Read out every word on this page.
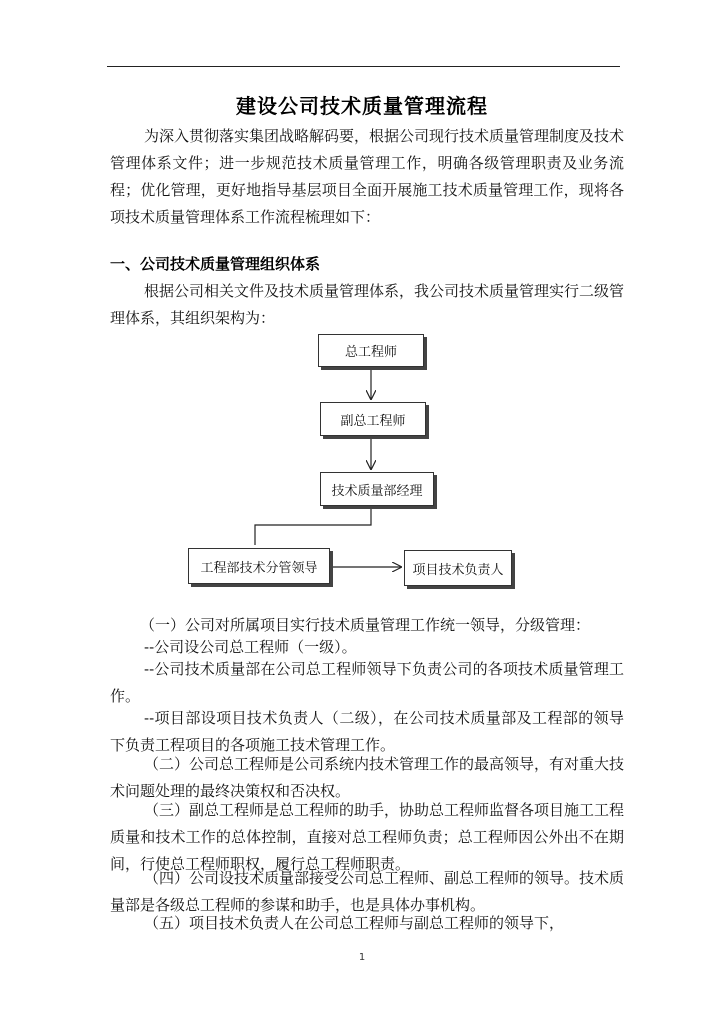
建设公司技术质量管理流程

为深入贯彻落实集团战略解码要，根据公司现行技术质量管理制度及技术管理体系文件；进一步规范技术质量管理工作，明确各级管理职责及业务流程；优化管理，更好地指导基层项目全面开展施工技术质量管理工作，现将各项技术质量管理体系工作流程梳理如下：

一、公司技术质量管理组织体系

根据公司相关文件及技术质量管理体系，我公司技术质量管理实行二级管理体系，其组织架构为：

总工程师
副总工程师
技术质量部经理
工程部技术分管领导	项目技术负责人

（一）公司对所属项目实行技术质量管理工作统一领导，分级管理：

--公司设公司总工程师（一级）。

--公司技术质量部在公司总工程师领导下负责公司的各项技术质量管理工作。

--项目部设项目技术负责人（二级），在公司技术质量部及工程部的领导下负责工程项目的各项施工技术管理工作。

（二）公司总工程师是公司系统内技术管理工作的最高领导，有对重大技术问题处理的最终决策权和否决权。

（三）副总工程师是总工程师的助手，协助总工程师监督各项目施工工程质量和技术工作的总体控制，直接对总工程师负责；总工程师因公外出不在期间，行使总工程师职权，履行总工程师职责。

（四）公司设技术质量部接受公司总工程师、副总工程师的领导。技术质量部是各级总工程师的参谋和助手，也是具体办事机构。

（五）项目技术负责人在公司总工程师与副总工程师的领导下，

1
